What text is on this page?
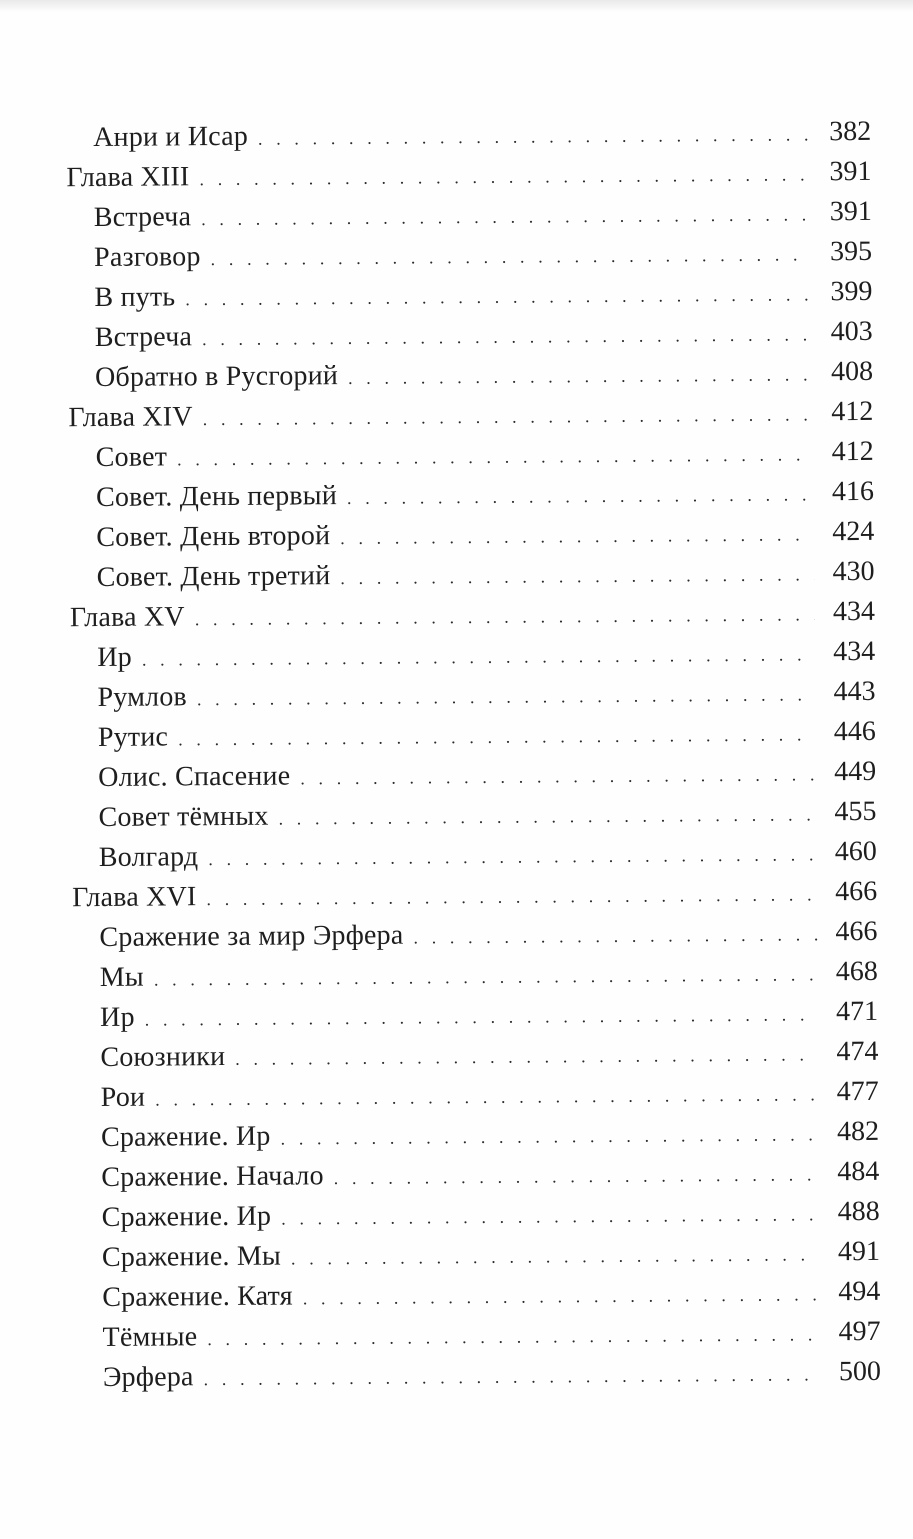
Анри и Исар . . .	382
Глава XIII . . .	391
Встреча . . .	391
Разговор . . .	395
В путь . . .	399
Встреча . . .	403
Обратно в Русгорий . . .	408
Глава XIV . . .	412
Совет . . .	412
Совет. День первый . . .	416
Совет. День второй . . .	424
Совет. День третий . . .	430
Глава XV . . .	434
Ир . . .	434
Румлов . . .	443
Рутис . . .	446
Олис. Спасение . . .	449
Совет тёмных . . .	455
Волгард . . .	460
Глава XVI . . .	466
Сражение за мир Эрфера . . .	466
Мы . . .	468
Ир . . .	471
Союзники . . .	474
Рои . . .	477
Сражение. Ир . . .	482
Сражение. Начало . . .	484
Сражение. Ир . . .	488
Сражение. Мы . . .	491
Сражение. Катя . . .	494
Тёмные . . .	497
Эрфера . . .	500
